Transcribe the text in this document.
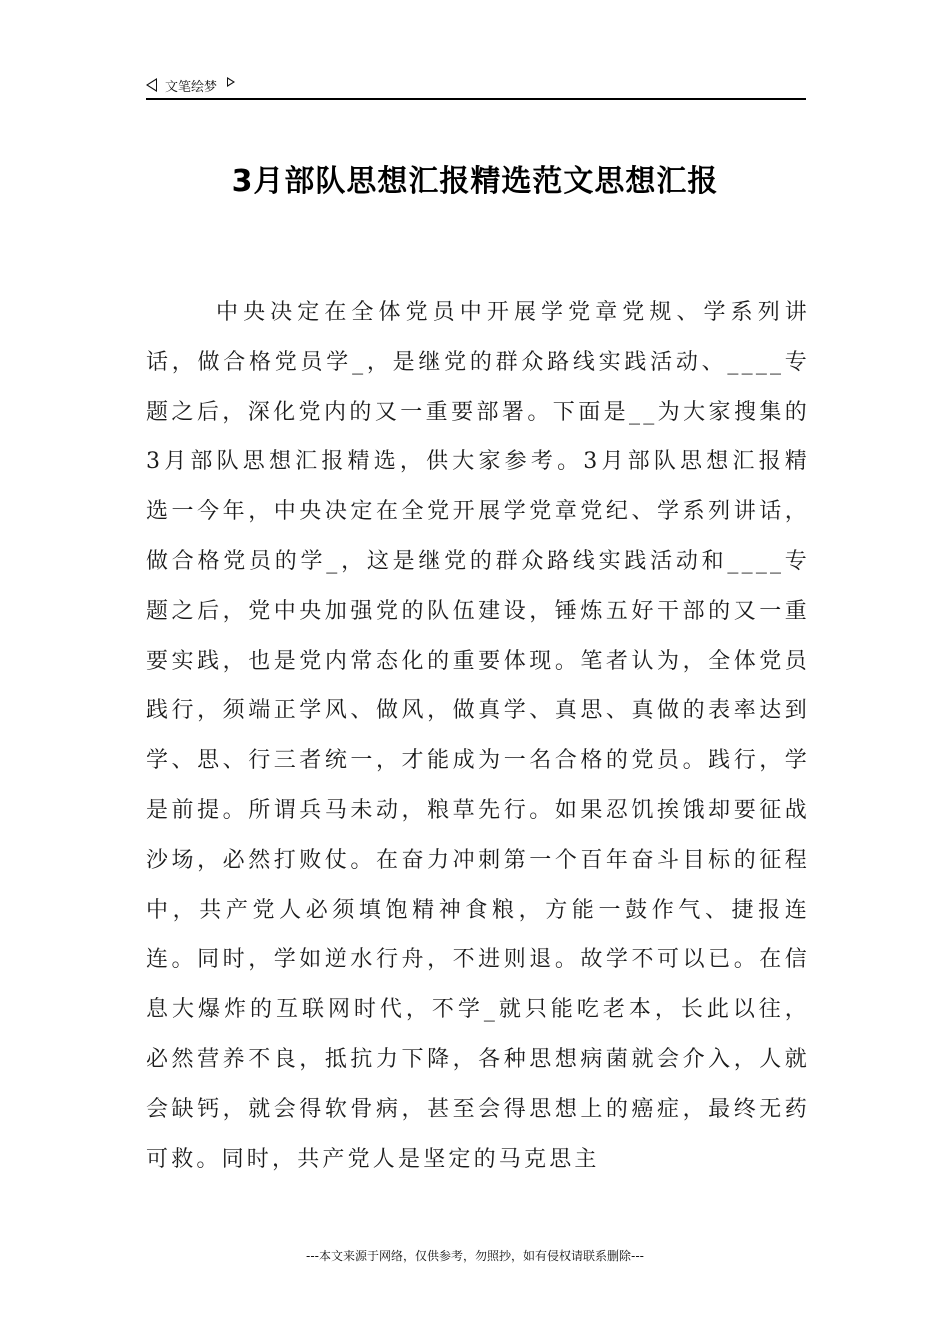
文笔绘梦
3月部队思想汇报精选范文思想汇报

中央决定在全体党员中开展学党章党规、学系列讲话，做合格党员学_，是继党的群众路线实践活动、____专题之后，深化党内的又一重要部署。下面是__为大家搜集的3月部队思想汇报精选，供大家参考。3月部队思想汇报精选一今年，中央决定在全党开展学党章党纪、学系列讲话，做合格党员的学_，这是继党的群众路线实践活动和____专题之后，党中央加强党的队伍建设，锤炼五好干部的又一重要实践，也是党内常态化的重要体现。笔者认为，全体党员践行，须端正学风、做风，做真学、真思、真做的表率达到学、思、行三者统一，才能成为一名合格的党员。践行，学是前提。所谓兵马未动，粮草先行。如果忍饥挨饿却要征战沙场，必然打败仗。在奋力冲刺第一个百年奋斗目标的征程中，共产党人必须填饱精神食粮，方能一鼓作气、捷报连连。同时，学如逆水行舟，不进则退。故学不可以已。在信息大爆炸的互联网时代，不学_就只能吃老本，长此以往，必然营养不良，抵抗力下降，各种思想病菌就会介入，人就会缺钙，就会得软骨病，甚至会得思想上的癌症，最终无药可救。同时，共产党人是坚定的马克思主

---本文来源于网络，仅供参考，勿照抄，如有侵权请联系删除---
